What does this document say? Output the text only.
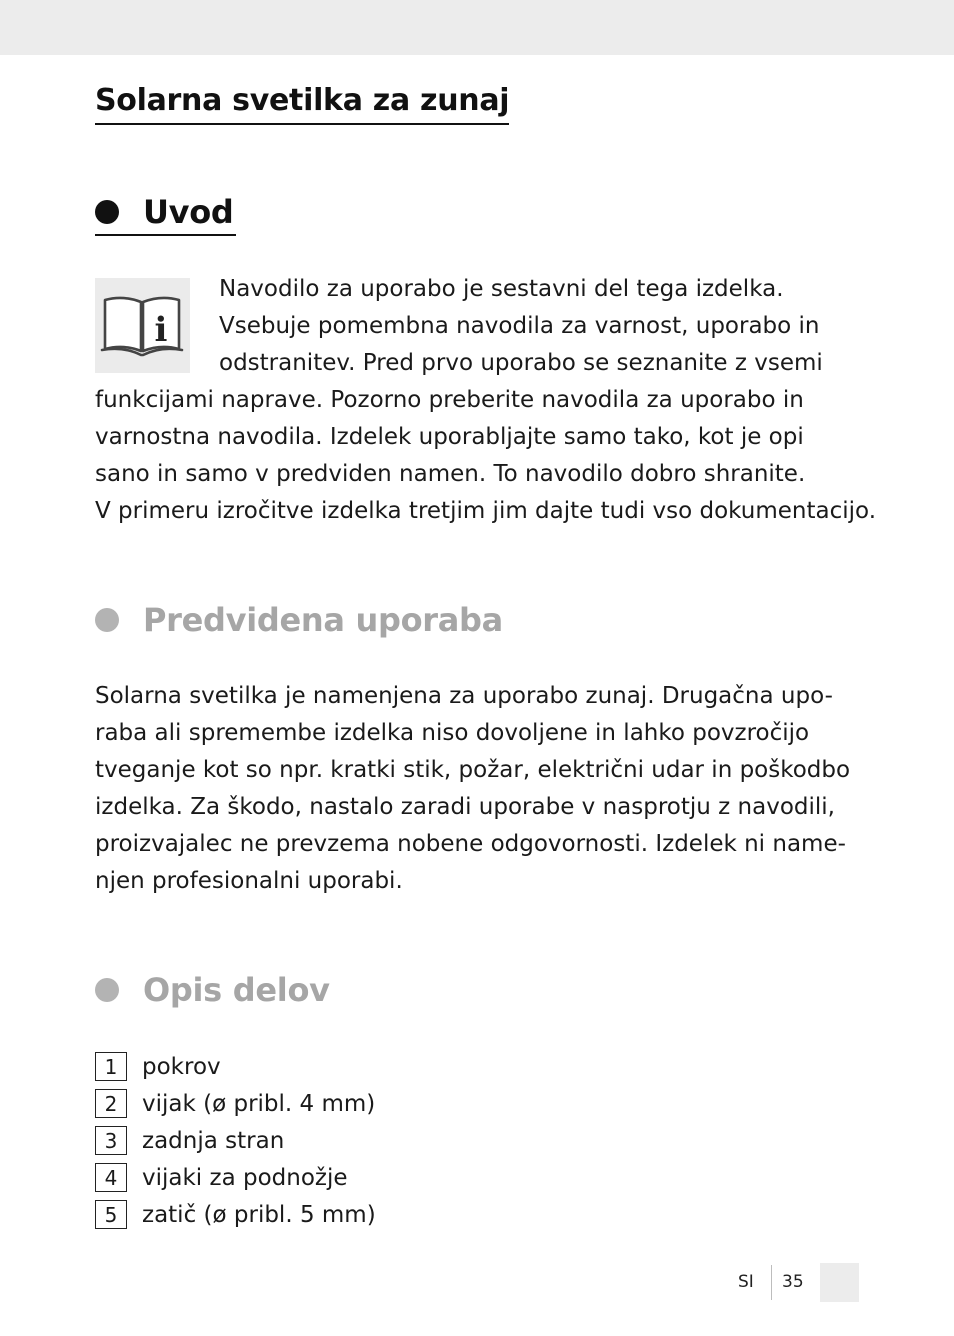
Solarna svetilka za zunaj
Uvod
i
Navodilo za uporabo je sestavni del tega izdelka.
Vsebuje pomembna navodila za varnost, uporabo in
odstranitev. Pred prvo uporabo se seznanite z vsemi
funkcijami naprave. Pozorno preberite navodila za uporabo in
varnostna navodila. Izdelek uporabljajte samo tako, kot je opi
sano in samo v predviden namen. To navodilo dobro shranite.
V primeru izročitve izdelka tretjim jim dajte tudi vso dokumentacijo.
Predvidena uporaba
Solarna svetilka je namenjena za uporabo zunaj. Drugačna upo-
raba ali spremembe izdelka niso dovoljene in lahko povzročijo
tveganje kot so npr. kratki stik, požar, električni udar in poškodbo
izdelka. Za škodo, nastalo zaradi uporabe v nasprotju z navodili,
proizvajalec ne prevzema nobene odgovornosti. Izdelek ni name-
njen profesionalni uporabi.
Opis delov
1	pokrov
2	vijak (ø pribl. 4 mm)
3	zadnja stran
4	vijaki za podnožje
5	zatič (ø pribl. 5 mm)
SI 35
